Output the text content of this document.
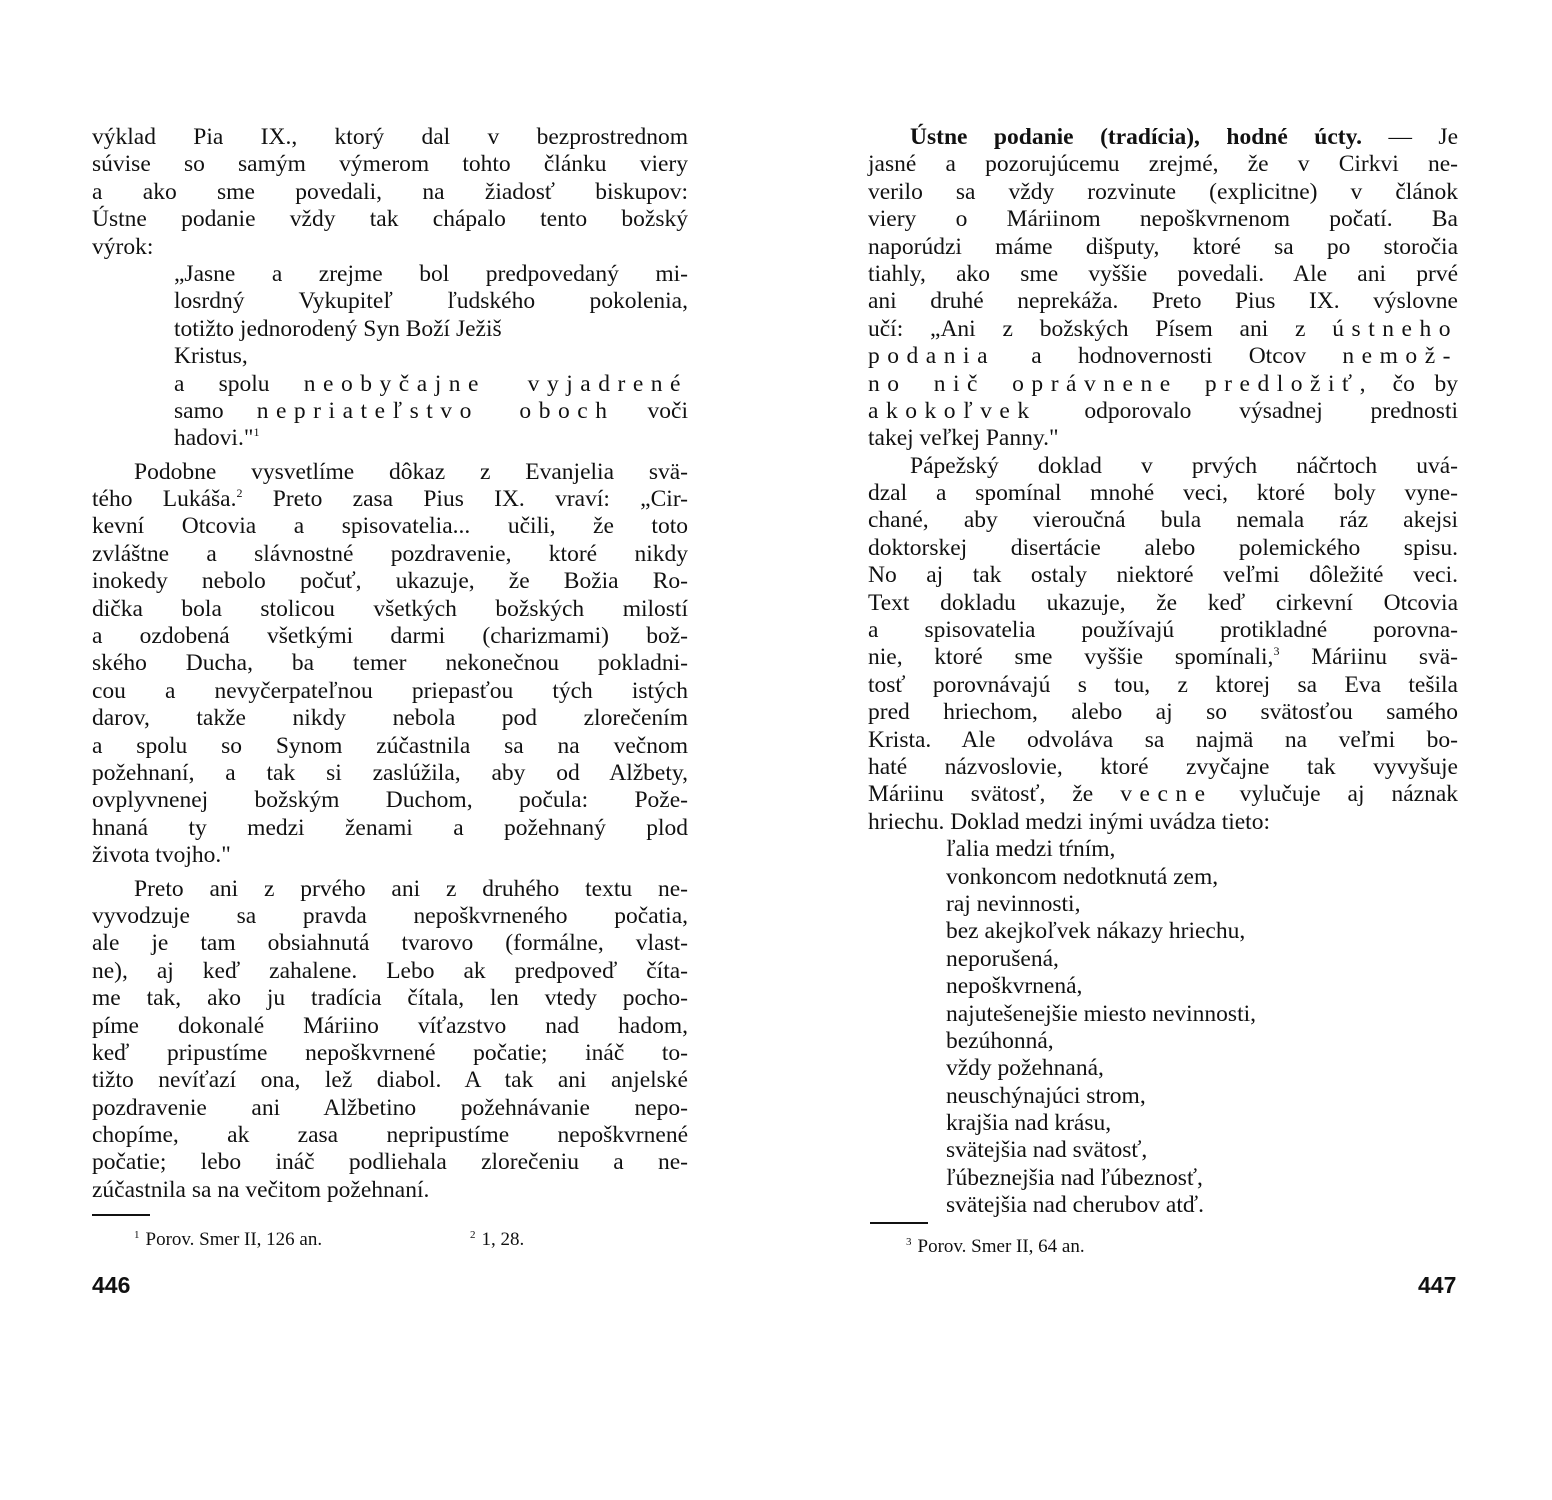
výklad Pia IX., ktorý dal v bezprostrednom
súvise so samým výmerom tohto článku viery
a ako sme povedali, na žiadosť biskupov:
Ústne podanie vždy tak chápalo tento božský
výrok:
„Jasne a zrejme bol predpovedaný mi-
losrdný Vykupiteľ ľudského pokolenia,
totižto jednorodený Syn Boží Ježiš
Kristus,
a spolu neobyčajne vyjadrené
samo nepriateľstvo oboch voči
hadovi."$^1$
Podobne vysvetlíme dôkaz z Evanjelia svä-
tého Lukáša.$^2$ Preto zasa Pius IX. vraví: „Cir-
kevní Otcovia a spisovatelia... učili, že toto
zvláštne a slávnostné pozdravenie, ktoré nikdy
inokedy nebolo počuť, ukazuje, že Božia Ro-
dička bola stolicou všetkých božských milostí
a ozdobená všetkými darmi (charizmami) bož-
ského Ducha, ba temer nekonečnou pokladni-
cou a nevyčerpateľnou priepasťou tých istých
darov, takže nikdy nebola pod zlorečením
a spolu so Synom zúčastnila sa na večnom
požehnaní, a tak si zaslúžila, aby od Alžbety,
ovplyvnenej božským Duchom, počula: Pože-
hnaná ty medzi ženami a požehnaný plod
života tvojho."
Preto ani z prvého ani z druhého textu ne-
vyvodzuje sa pravda nepoškvrneného počatia,
ale je tam obsiahnutá tvarovo (formálne, vlast-
ne), aj keď zahalene. Lebo ak predpoveď číta-
me tak, ako ju tradícia čítala, len vtedy pocho-
píme dokonalé Máriino víťazstvo nad hadom,
keď pripustíme nepoškvrnené počatie; ináč to-
tižto nevíťazí ona, lež diabol. A tak ani anjelské
pozdravenie ani Alžbetino požehnávanie nepo-
chopíme, ak zasa nepripustíme nepoškvrnené
počatie; lebo ináč podliehala zlorečeniu a ne-
zúčastnila sa na večitom požehnaní.
$^1$ Porov. Smer II, 126 an.	$^2$ 1, 28.
446
Ústne podanie (tradícia), hodné úcty. — Je
jasné a pozorujúcemu zrejmé, že v Cirkvi ne-
verilo sa vždy rozvinute (explicitne) v článok
viery o Máriinom nepoškvrnenom počatí. Ba
naporúdzi máme dišputy, ktoré sa po storočia
tiahly, ako sme vyššie povedali. Ale ani prvé
ani druhé neprekáža. Preto Pius IX. výslovne
učí: „Ani z božských Písem ani z ústneho
podania a hodnovernosti Otcov nemož-
no nič oprávnene predložiť, čo by
akokoľvek odporovalo výsadnej prednosti
takej veľkej Panny."
Pápežský doklad v prvých náčrtoch uvá-
dzal a spomínal mnohé veci, ktoré boly vyne-
chané, aby vieroučná bula nemala ráz akejsi
doktorskej disertácie alebo polemického spisu.
No aj tak ostaly niektoré veľmi dôležité veci.
Text dokladu ukazuje, že keď cirkevní Otcovia
a spisovatelia používajú protikladné porovna-
nie, ktoré sme vyššie spomínali,$^3$ Máriinu svä-
tosť porovnávajú s tou, z ktorej sa Eva tešila
pred hriechom, alebo aj so svätosťou samého
Krista. Ale odvoláva sa najmä na veľmi bo-
haté názvoslovie, ktoré zvyčajne tak vyvyšuje
Máriinu svätosť, že vecne vylučuje aj náznak
hriechu. Doklad medzi inými uvádza tieto:
ľalia medzi tŕním,
vonkoncom nedotknutá zem,
raj nevinnosti,
bez akejkoľvek nákazy hriechu,
neporušená,
nepoškvrnená,
najutešenejšie miesto nevinnosti,
bezúhonná,
vždy požehnaná,
neuschýnajúci strom,
krajšia nad krásu,
svätejšia nad svätosť,
ľúbeznejšia nad ľúbeznosť,
svätejšia nad cherubov atď.
$^3$ Porov. Smer II, 64 an.
447
